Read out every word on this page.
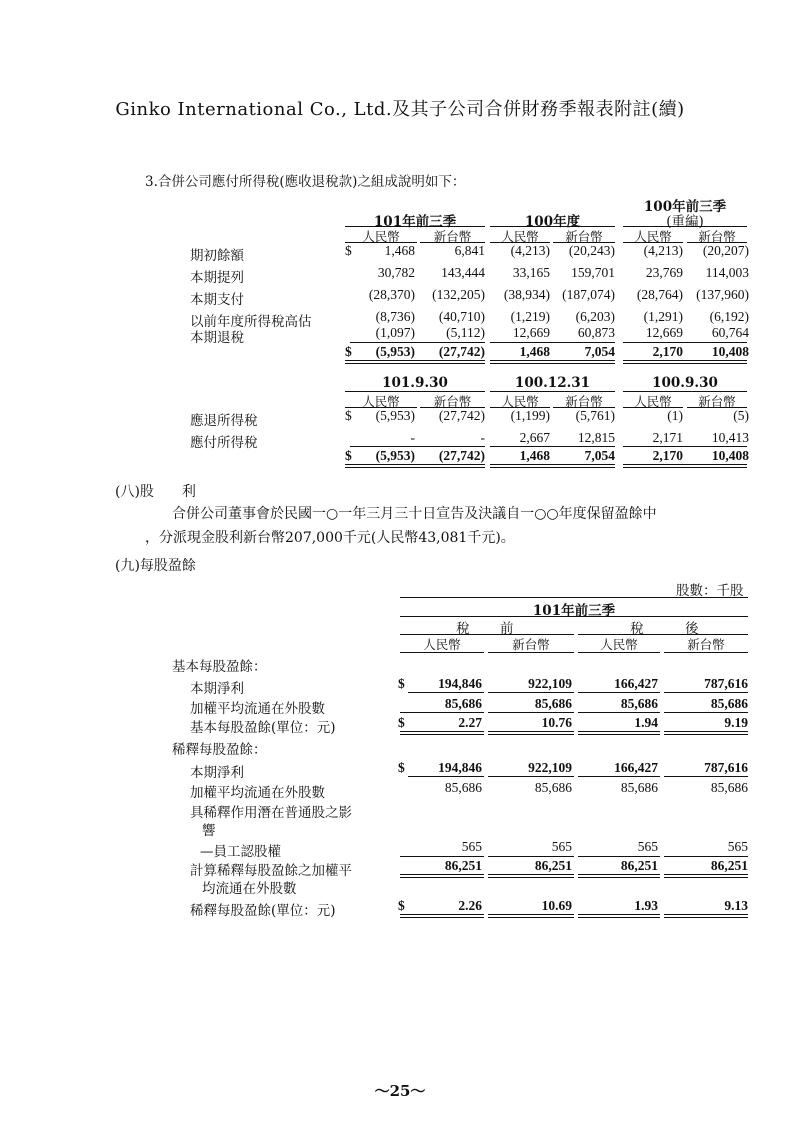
Ginko International Co., Ltd.及其子公司合併財務季報表附註(續)
3.合併公司應付所得稅(應收退稅款)之組成說明如下：
100年前三季
(重編)
101年前三季	100年度
人民幣	新台幣	人民幣	新台幣	人民幣	新台幣
期初餘額	$	1,468	6,841	(4,213)	(20,243)	(4,213)	(20,207)
本期提列	30,782	143,444	33,165	159,701	23,769	114,003
本期支付	(28,370)	(132,205)	(38,934) (187,074)	(28,764) (137,960)
以前年度所得稅高估	(8,736)	(40,710)	(1,219)	(6,203)	(1,291)	(6,192)
本期退稅	(1,097)	(5,112)	12,669	60,873	12,669	60,764
$	(5,953)	(27,742)	1,468	7,054	2,170	10,408
101.9.30	100.12.31	100.9.30
人民幣	新台幣	人民幣	新台幣	人民幣	新台幣
應退所得稅	$	(5,953)	(27,742)	(1,199)	(5,761)	(1)	(5)
應付所得稅	-	-	2,667	12,815	2,171	10,413
$	(5,953)	(27,742)	1,468	7,054	2,170	10,408
(八)股　　利
合併公司董事會於民國一○一年三月三十日宣告及決議自一○○年度保留盈餘中
，分派現金股利新台幣207,000千元(人民幣43,081千元)。
(九)每股盈餘
股數：千股
101年前三季
稅 前	稅	後
人民幣	新台幣	人民幣	新台幣
基本每股盈餘：
本期淨利	$	194,846	922,109	166,427	787,616
加權平均流通在外股數	85,686	85,686	85,686	85,686
基本每股盈餘(單位：元)	$	2.27	10.76	1.94	9.19
稀釋每股盈餘：
本期淨利	$	194,846	922,109	166,427	787,616
加權平均流通在外股數	85,686	85,686	85,686	85,686
具稀釋作用潛在普通股之影
響
—員工認股權	565	565	565	565
計算稀釋每股盈餘之加權平
均流通在外股數
86,251	86,251	86,251	86,251
稀釋每股盈餘(單位：元)	$	2.26	10.69	1.93	9.13
～25～
